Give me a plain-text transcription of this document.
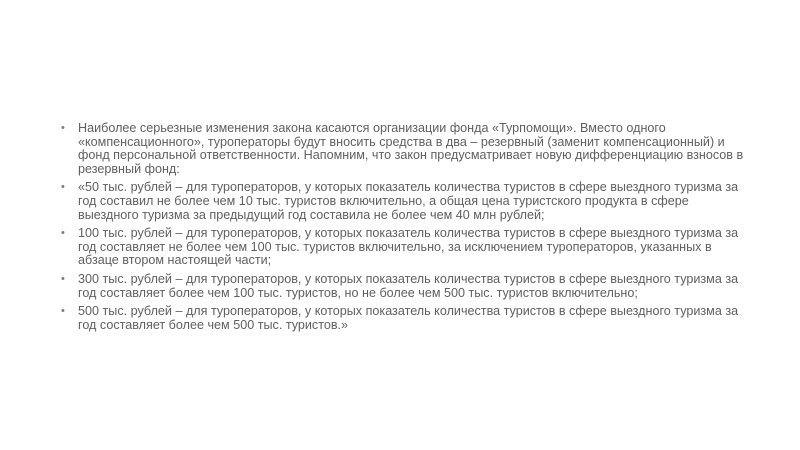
• Наиболее серьезные изменения закона касаются организации фонда «Турпомощи». Вместо одного «компенсационного», туроператоры будут вносить средства в два – резервный (заменит компенсационный) и фонд персональной ответственности. Напомним, что закон предусматривает новую дифференциацию взносов в резервный фонд:
• «50 тыс. рублей – для туроператоров, у которых показатель количества туристов в сфере выездного туризма за год составил не более чем 10 тыс. туристов включительно, а общая цена туристского продукта в сфере выездного туризма за предыдущий год составила не более чем 40 млн рублей;
• 100 тыс. рублей – для туроператоров, у которых показатель количества туристов в сфере выездного туризма за год составляет не более чем 100 тыс. туристов включительно, за исключением туроператоров, указанных в абзаце втором настоящей части;
• 300 тыс. рублей – для туроператоров, у которых показатель количества туристов в сфере выездного туризма за год составляет более чем 100 тыс. туристов, но не более чем 500 тыс. туристов включительно;
• 500 тыс. рублей – для туроператоров, у которых показатель количества туристов в сфере выездного туризма за год составляет более чем 500 тыс. туристов.»
